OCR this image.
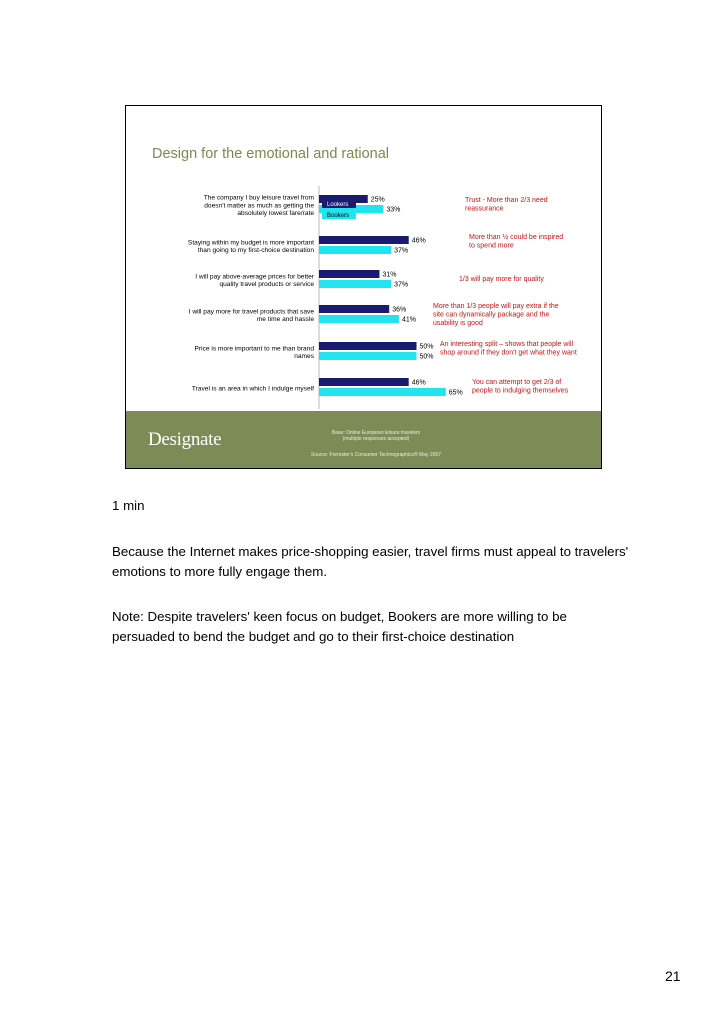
Design for the emotional and rational
The company I buy leisure travel from
doesn't matter as much as getting the
absolutely lowest fare/rate
25%
33%
Trust - More than 2/3 need
reassurance
Staying within my budget is more important
than going to my first-choice destination
46%
37%
More than ½ could be inspired
to spend more
I will pay above-average prices for better
quality travel products or service
31%
37%
1/3 will pay more for quality
I will pay more for travel products that save
me time and hassle
36%
41%
More than 1/3 people will pay extra if the
site can dynamically package and the
usability is good
Price is more important to me than brand
names
50%
50%
An interesting split – shows that people will
shop around if they don't get what they want
Travel is an area in which I indulge myself
46%
65%
You can attempt to get 2/3 of
people to indulging themselves
Lookers
Bookers
Designate	Base: Online European leisure travelers
(multiple responses accepted)
Source: Forrester's Consumer Technographics® May 2007
1 min
Because the Internet makes price-shopping easier, travel firms must appeal to travelers' emotions to more fully engage them.
Note: Despite travelers' keen focus on budget, Bookers are more willing to be persuaded to bend the budget and go to their first-choice destination
21
